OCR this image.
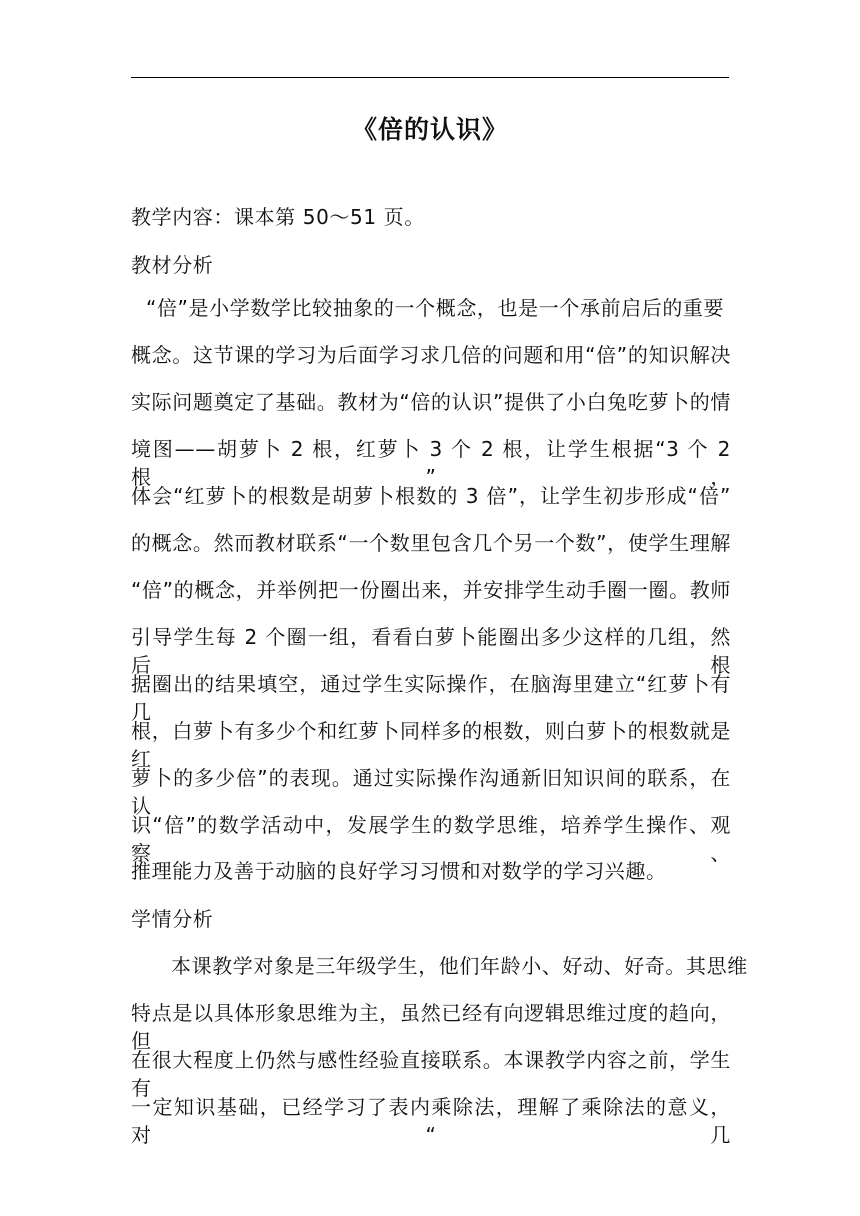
《倍的认识》
教学内容：课本第 50～51 页。
教材分析
“倍”是小学数学比较抽象的一个概念，也是一个承前启后的重要
概念。这节课的学习为后面学习求几倍的问题和用“倍”的知识解决
实际问题奠定了基础。教材为“倍的认识”提供了小白兔吃萝卜的情
境图——胡萝卜 2 根，红萝卜 3 个 2 根，让学生根据“3 个 2 根”，
体会“红萝卜的根数是胡萝卜根数的 3 倍”，让学生初步形成“倍”
的概念。然而教材联系“一个数里包含几个另一个数”，使学生理解
“倍”的概念，并举例把一份圈出来，并安排学生动手圈一圈。教师
引导学生每 2 个圈一组，看看白萝卜能圈出多少这样的几组，然后根
据圈出的结果填空，通过学生实际操作，在脑海里建立“红萝卜有几
根，白萝卜有多少个和红萝卜同样多的根数，则白萝卜的根数就是红
萝卜的多少倍”的表现。通过实际操作沟通新旧知识间的联系，在认
识“倍”的数学活动中，发展学生的数学思维，培养学生操作、观察、
推理能力及善于动脑的良好学习习惯和对数学的学习兴趣。
学情分析
本课教学对象是三年级学生，他们年龄小、好动、好奇。其思维
特点是以具体形象思维为主，虽然已经有向逻辑思维过度的趋向，但
在很大程度上仍然与感性经验直接联系。本课教学内容之前，学生有
一定知识基础，已经学习了表内乘除法，理解了乘除法的意义，对“几
